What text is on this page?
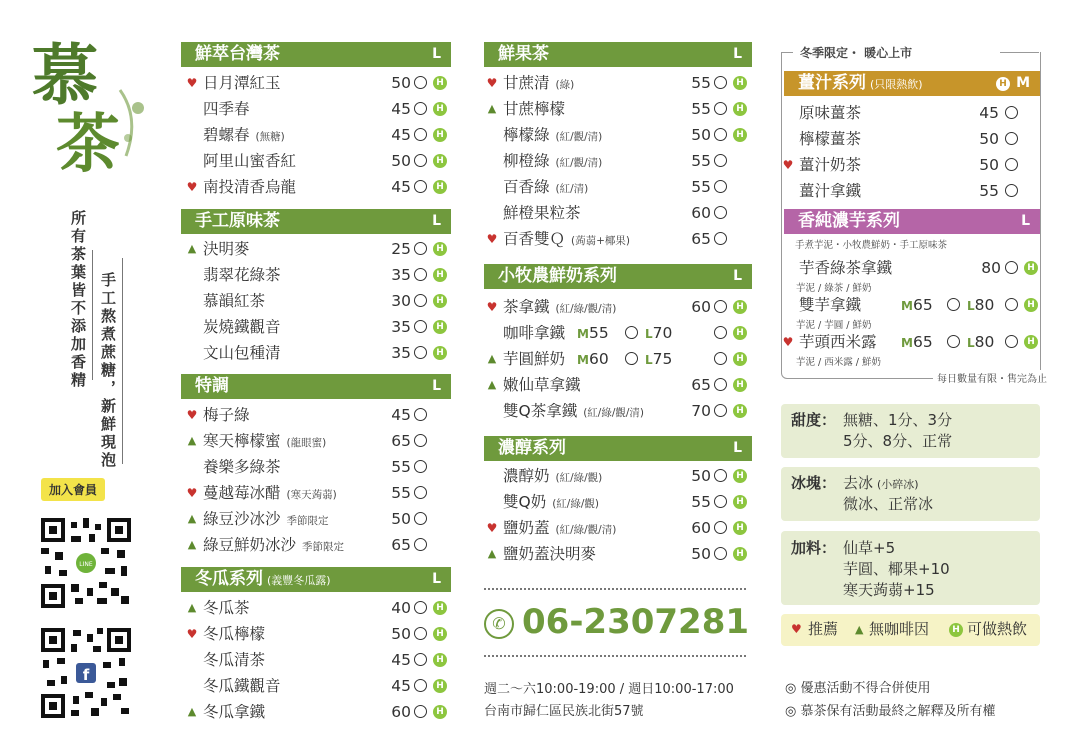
慕
茶
所有茶葉皆不添加香精 手工熬煮蔗糖，新鮮現泡
加入會員
LINE
f
鮮萃台灣茶	L
♥ 日月潭紅玉	50	H
四季春	45	H
碧螺春 (無糖)	45	H
阿里山蜜香紅	50	H
♥ 南投清香烏龍	45	H
手工原味茶	L
▲ 決明麥	25	H
翡翠花綠茶	35	H
慕韻紅茶	30	H
炭燒鐵觀音	35	H
文山包種清	35	H
特調	L
♥ 梅子綠	45
▲ 寒天檸檬蜜 (龍眼蜜)	65
養樂多綠茶	55
♥ 蔓越莓冰醋 (寒天蒟蒻)	55
▲ 綠豆沙冰沙 季節限定	50
▲ 綠豆鮮奶冰沙 季節限定	65
冬瓜系列 (義豐冬瓜露)	L
▲ 冬瓜茶	40	H
♥ 冬瓜檸檬	50	H
冬瓜清茶	45	H
冬瓜鐵觀音	45	H
▲ 冬瓜拿鐵	60	H
鮮果茶	L
♥ 甘蔗清 (綠)	55	H
▲ 甘蔗檸檬	55	H
檸檬綠 (紅/觀/清)	50	H
柳橙綠 (紅/觀/清)	55
百香綠 (紅/清)	55
鮮橙果粒茶	60
♥ 百香雙Ｑ (蒟蒻+椰果)	65
小牧農鮮奶系列	L
♥ 茶拿鐵 (紅/綠/觀/清)	60	H
咖啡拿鐵 M55	L70	H
▲ 芋圓鮮奶 M60	L75	H
▲ 嫩仙草拿鐵	65	H
雙Q茶拿鐵 (紅/綠/觀/清)	70	H
濃醇系列	L
濃醇奶 (紅/綠/觀)	50	H
雙Q奶 (紅/綠/觀)	55	H
♥ 鹽奶蓋 (紅/綠/觀/清)	60	H
▲ 鹽奶蓋決明麥	50	H
✆ 06-2307281
週二～六10:00-19:00 / 週日10:00-17:00
台南市歸仁區民族北街57號
冬季限定・ 暖心上市
薑汁系列 (只限熱飲)	M
H
原味薑茶	45
檸檬薑茶	50
♥ 薑汁奶茶	50
薑汁拿鐵	55
香純濃芋系列	L
手煮芋泥・小牧農鮮奶・手工原味茶
芋香綠茶拿鐵	80	H
芋泥 / 綠茶 / 鮮奶
雙芋拿鐵	M65	L80	H
芋泥 / 芋圓 / 鮮奶
♥ 芋頭西米露 M65	L80	H
芋泥 / 西米露 / 鮮奶
每日數量有限・售完為止
甜度： 無糖、1分、3分
5分、8分、正常
冰塊： 去冰 (小碎冰)
微冰、正常冰
加料： 仙草+5
芋圓、椰果+10
寒天蒟蒻+15
♥ 推薦 ▲ 無咖啡因	H 可做熱飲
◎ 優惠活動不得合併使用
◎ 慕茶保有活動最終之解釋及所有權
